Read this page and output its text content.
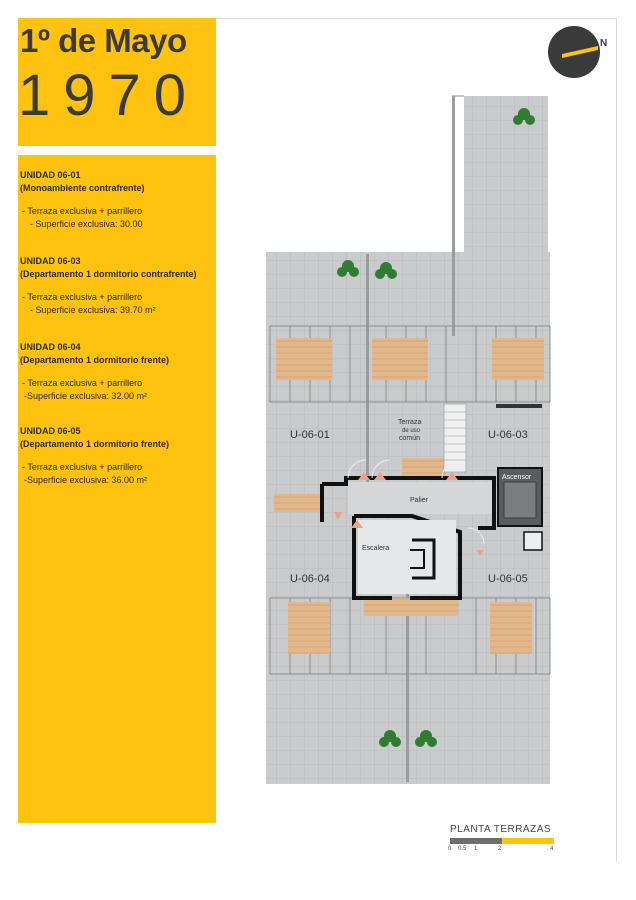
1º de Mayo
1970
UNIDAD 06-01
(Monoambiente contrafrente)
- Terraza exclusiva + parrillero
- Superficie exclusiva: 30.00
UNIDAD 06-03
(Departamento 1 dormitorio contrafrente)
- Terraza exclusiva + parrillero
- Superficie exclusiva: 39.70 m²
UNIDAD 06-04
(Departamento 1 dormitorio frente)
- Terraza exclusiva + parrillero
-Superficie exclusiva: 32.00 m²
UNIDAD 06-05
(Departamento 1 dormitorio frente)
- Terraza exclusiva + parrillero
-Superficie exclusiva: 36.00 m²
N
U-06-01	U-06-03
U-06-04	U-06-05
Terraza
de uso
común
Palier
Ascensor
Escalera
PLANTA TERRAZAS
0 0.5 1	2	4
